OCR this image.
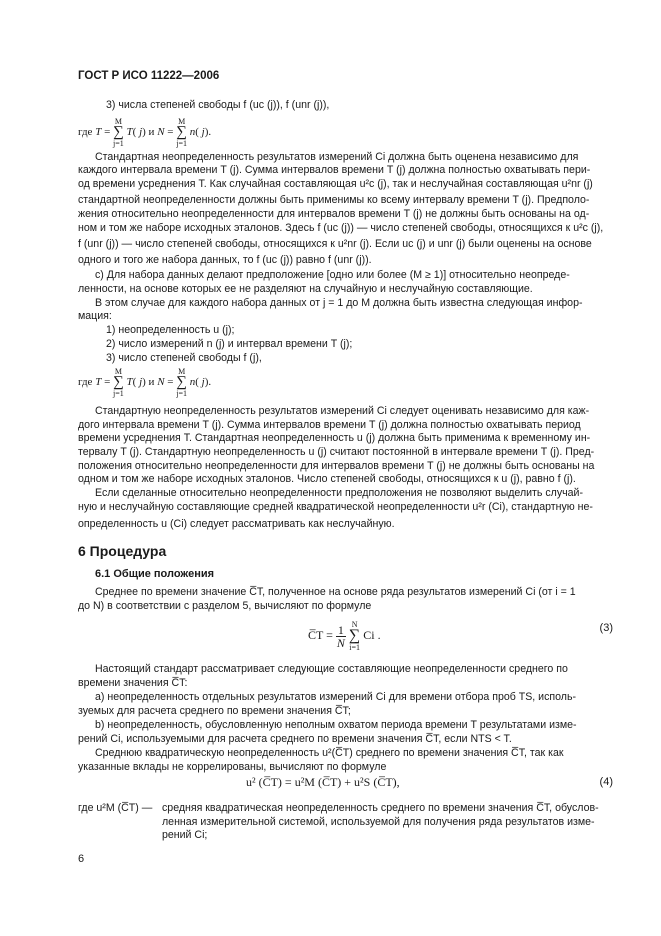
ГОСТ Р ИСО 11222—2006
3) числа степеней свободы f (uc (j)), f (unr (j)),
Стандартная неопределенность результатов измерений Ci должна быть оценена независимо для
каждого интервала времени T (j). Сумма интервалов времени T (j) должна полностью охватывать пери-
од времени усреднения T. Как случайная составляющая u²c (j), так и неслучайная составляющая u²nr (j)
стандартной неопределенности должны быть применимы ко всему интервалу времени T (j). Предполо-
жения относительно неопределенности для интервалов времени T (j) не должны быть основаны на од-
ном и том же наборе исходных эталонов. Здесь f (uc (j)) — число степеней свободы, относящихся к u²c (j),
f (unr (j)) — число степеней свободы, относящихся к u²nr (j). Если uc (j) и unr (j) были оценены на основе
одного и того же набора данных, то f (uc (j)) равно f (unr (j)).
с) Для набора данных делают предположение [одно или более (M ≥ 1)] относительно неопреде-
ленности, на основе которых ее не разделяют на случайную и неслучайную составляющие.
В этом случае для каждого набора данных от j = 1 до M должна быть известна следующая инфор-
мация:
1) неопределенность u (j);
2) число измерений n (j) и интервал времени T (j);
3) число степеней свободы f (j),
где T = M
∑
j=1 T( j) и N = M
∑
j=1 n( j).
где T = M
∑
j=1 T( j) и N = M
∑
j=1 n( j).
Стандартную неопределенность результатов измерений Ci следует оценивать независимо для каж-
дого интервала времени T (j). Сумма интервалов времени T (j) должна полностью охватывать период
времени усреднения T. Стандартная неопределенность u (j) должна быть применима к временному ин-
тервалу T (j). Стандартную неопределенность u (j) считают постоянной в интервале времени T (j). Пред-
положения относительно неопределенности для интервалов времени T (j) не должны быть основаны на
одном и том же наборе исходных эталонов. Число степеней свободы, относящихся к u (j), равно f (j).
Если сделанные относительно неопределенности предположения не позволяют выделить случай-
ную и неслучайную составляющие средней квадратической неопределенности u²r (Ci), стандартную не-
определенность u (Ci) следует рассматривать как неслучайную.
6 Процедура
6.1 Общие положения
Среднее по времени значение C̅T, полученное на основе ряда результатов измерений Ci (от i = 1
до N) в соответствии с разделом 5, вычисляют по формуле
Настоящий стандарт рассматривает следующие составляющие неопределенности среднего по
времени значения C̅T:
а) неопределенность отдельных результатов измерений Ci для времени отбора проб TS, исполь-
зуемых для расчета среднего по времени значения C̅T;
b) неопределенность, обусловленную неполным охватом периода времени T результатами изме-
рений Ci, используемыми для расчета среднего по времени значения C̅T, если NTS < T.
Среднюю квадратическую неопределенность u²(C̅T) среднего по времени значения C̅T, так как
указанные вклады не коррелированы, вычисляют по формуле
C̅T = $\frac{1}{N}$ N
∑
i=1 Ci .	(3)
u² (C̅T) = u²M (C̅T) + u²S (C̅T),	(4)
где u²M (C̅T) — средняя квадратическая неопределенность среднего по времени значения C̅T, обуслов-
ленная измерительной системой, используемой для получения ряда результатов изме-
рений Ci;
6
